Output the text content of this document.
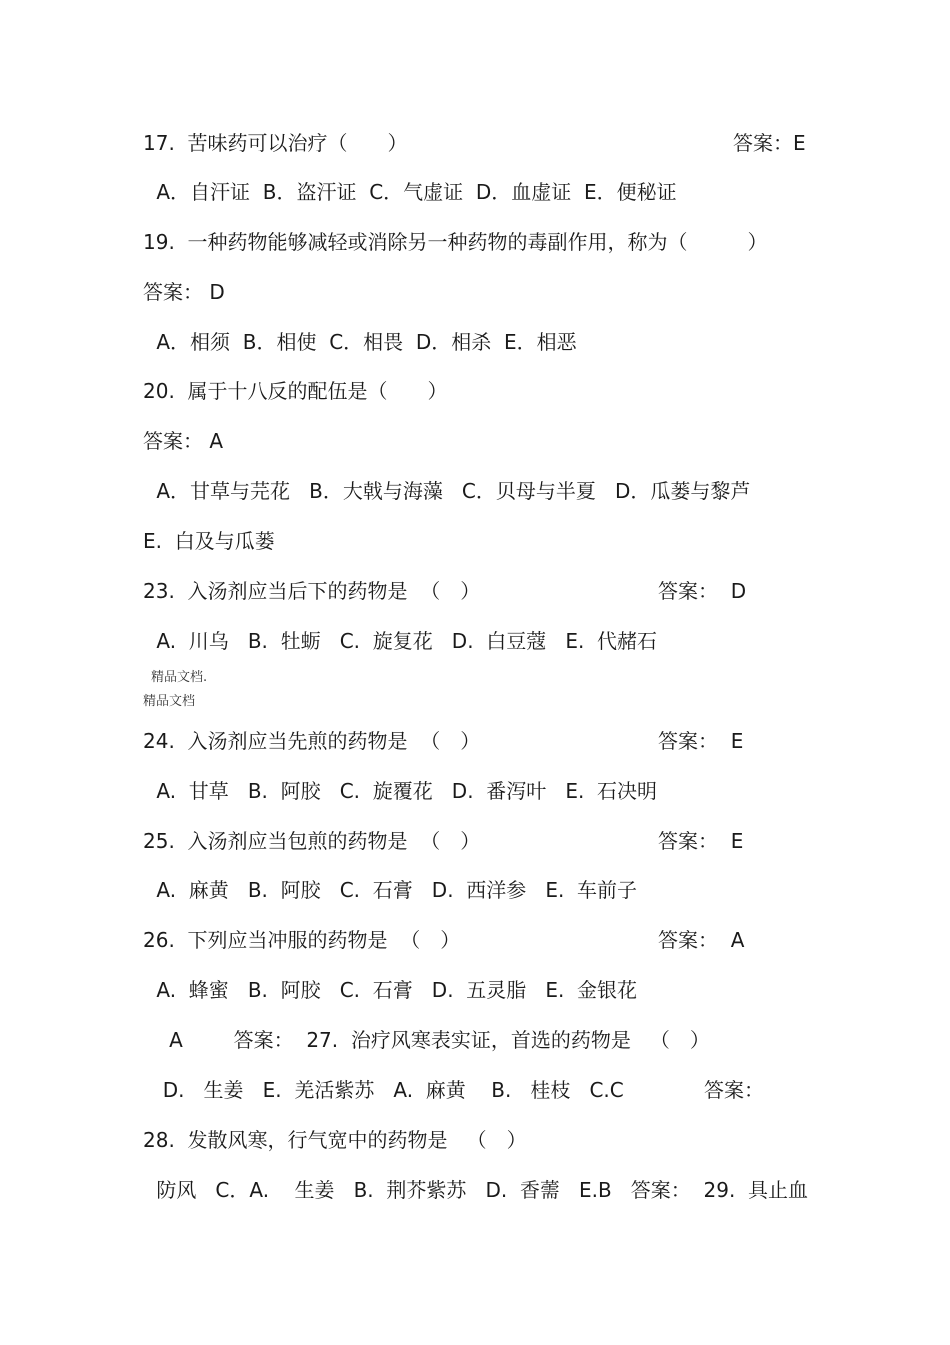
17.  苦味药可以治疗（　　）	答案：E
A．自汗证  B．盗汗证  C．气虚证  D．血虚证  E．便秘证
19.  一种药物能够减轻或消除另一种药物的毒副作用，称为（　　　）
答案： D
A．相须  B．相使  C．相畏  D．相杀  E．相恶
20.  属于十八反的配伍是（　　）
答案： A
A．甘草与芫花   B．大戟与海藻   C．贝母与半夏   D．瓜蒌与黎芦
E.  白及与瓜蒌
23.  入汤剂应当后下的药物是  （　）	答案：  D
A.  川乌   B.  牡蛎   C.  旋复花   D.  白豆蔻   E.  代赭石
精品文档.
精品文档
24.  入汤剂应当先煎的药物是  （　）	答案：  E
A.  甘草   B.  阿胶   C.  旋覆花   D.  番泻叶   E.  石决明
25.  入汤剂应当包煎的药物是  （　）	答案：  E
A.  麻黄   B.  阿胶   C.  石膏   D.  西洋参   E.  车前子
26.  下列应当冲服的药物是  （　）	答案：  A
A.  蜂蜜   B.  阿胶   C.  石膏   D.  五灵脂   E.  金银花
A        答案：  27.  治疗风寒表实证，首选的药物是   （　）
D.   生姜   E.  羌活紫苏   A.  麻黄    B.   桂枝   C.C	答案：
28.  发散风寒，行气宽中的药物是   （　）
防风   C．A.    生姜   B.  荆芥紫苏   D.  香薷   E.B   答案：  29.  具止血
